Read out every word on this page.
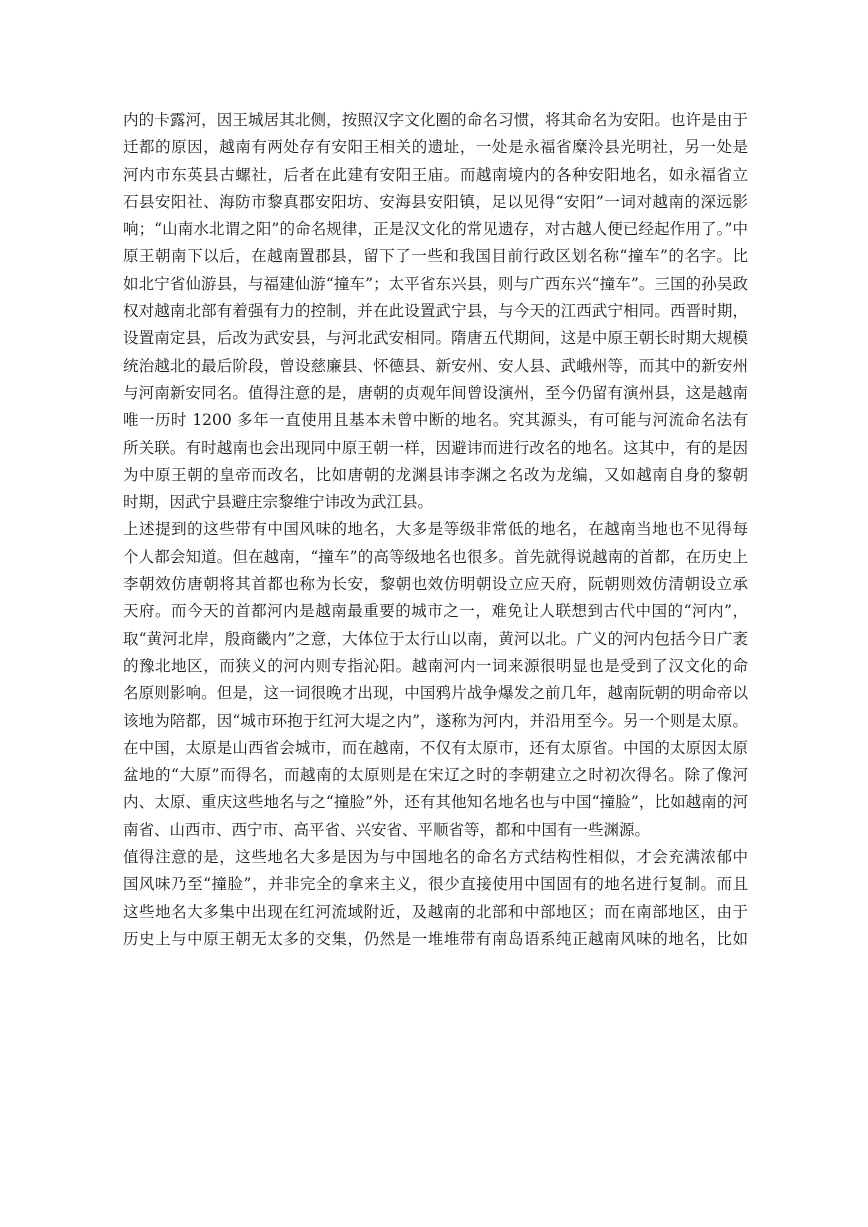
内的卡露河，因王城居其北侧，按照汉字文化圈的命名习惯，将其命名为安阳。也许是由于
迁都的原因，越南有两处存有安阳王相关的遗址，一处是永福省糜泠县光明社，另一处是
河内市东英县古螺社，后者在此建有安阳王庙。而越南境内的各种安阳地名，如永福省立
石县安阳社、海防市黎真郡安阳坊、安海县安阳镇，足以见得“安阳”一词对越南的深远影
响；“山南水北谓之阳”的命名规律，正是汉文化的常见遗存，对古越人便已经起作用了。”中
原王朝南下以后，在越南置郡县，留下了一些和我国目前行政区划名称“撞车”的名字。比
如北宁省仙游县，与福建仙游“撞车”；太平省东兴县，则与广西东兴“撞车”。三国的孙吴政
权对越南北部有着强有力的控制，并在此设置武宁县，与今天的江西武宁相同。西晋时期，
设置南定县，后改为武安县，与河北武安相同。隋唐五代期间，这是中原王朝长时期大规模
统治越北的最后阶段，曾设慈廉县、怀德县、新安州、安人县、武峨州等，而其中的新安州
与河南新安同名。值得注意的是，唐朝的贞观年间曾设演州，至今仍留有演州县，这是越南
唯一历时 1200 多年一直使用且基本未曾中断的地名。究其源头，有可能与河流命名法有
所关联。有时越南也会出现同中原王朝一样，因避讳而进行改名的地名。这其中，有的是因
为中原王朝的皇帝而改名，比如唐朝的龙渊县讳李渊之名改为龙编，又如越南自身的黎朝
时期，因武宁县避庄宗黎维宁讳改为武江县。
上述提到的这些带有中国风味的地名，大多是等级非常低的地名，在越南当地也不见得每
个人都会知道。但在越南，“撞车”的高等级地名也很多。首先就得说越南的首都，在历史上
李朝效仿唐朝将其首都也称为长安，黎朝也效仿明朝设立应天府，阮朝则效仿清朝设立承
天府。而今天的首都河内是越南最重要的城市之一，难免让人联想到古代中国的“河内”，
取“黄河北岸，殷商畿内”之意，大体位于太行山以南，黄河以北。广义的河内包括今日广袤
的豫北地区，而狭义的河内则专指沁阳。越南河内一词来源很明显也是受到了汉文化的命
名原则影响。但是，这一词很晚才出现，中国鸦片战争爆发之前几年，越南阮朝的明命帝以
该地为陪都，因“城市环抱于红河大堤之内”，遂称为河内，并沿用至今。另一个则是太原。
在中国，太原是山西省会城市，而在越南，不仅有太原市，还有太原省。中国的太原因太原
盆地的“大原”而得名，而越南的太原则是在宋辽之时的李朝建立之时初次得名。除了像河
内、太原、重庆这些地名与之“撞脸”外，还有其他知名地名也与中国“撞脸”，比如越南的河
南省、山西市、西宁市、高平省、兴安省、平顺省等，都和中国有一些渊源。
值得注意的是，这些地名大多是因为与中国地名的命名方式结构性相似，才会充满浓郁中
国风味乃至“撞脸”，并非完全的拿来主义，很少直接使用中国固有的地名进行复制。而且
这些地名大多集中出现在红河流域附近，及越南的北部和中部地区；而在南部地区，由于
历史上与中原王朝无太多的交集，仍然是一堆堆带有南岛语系纯正越南风味的地名，比如
